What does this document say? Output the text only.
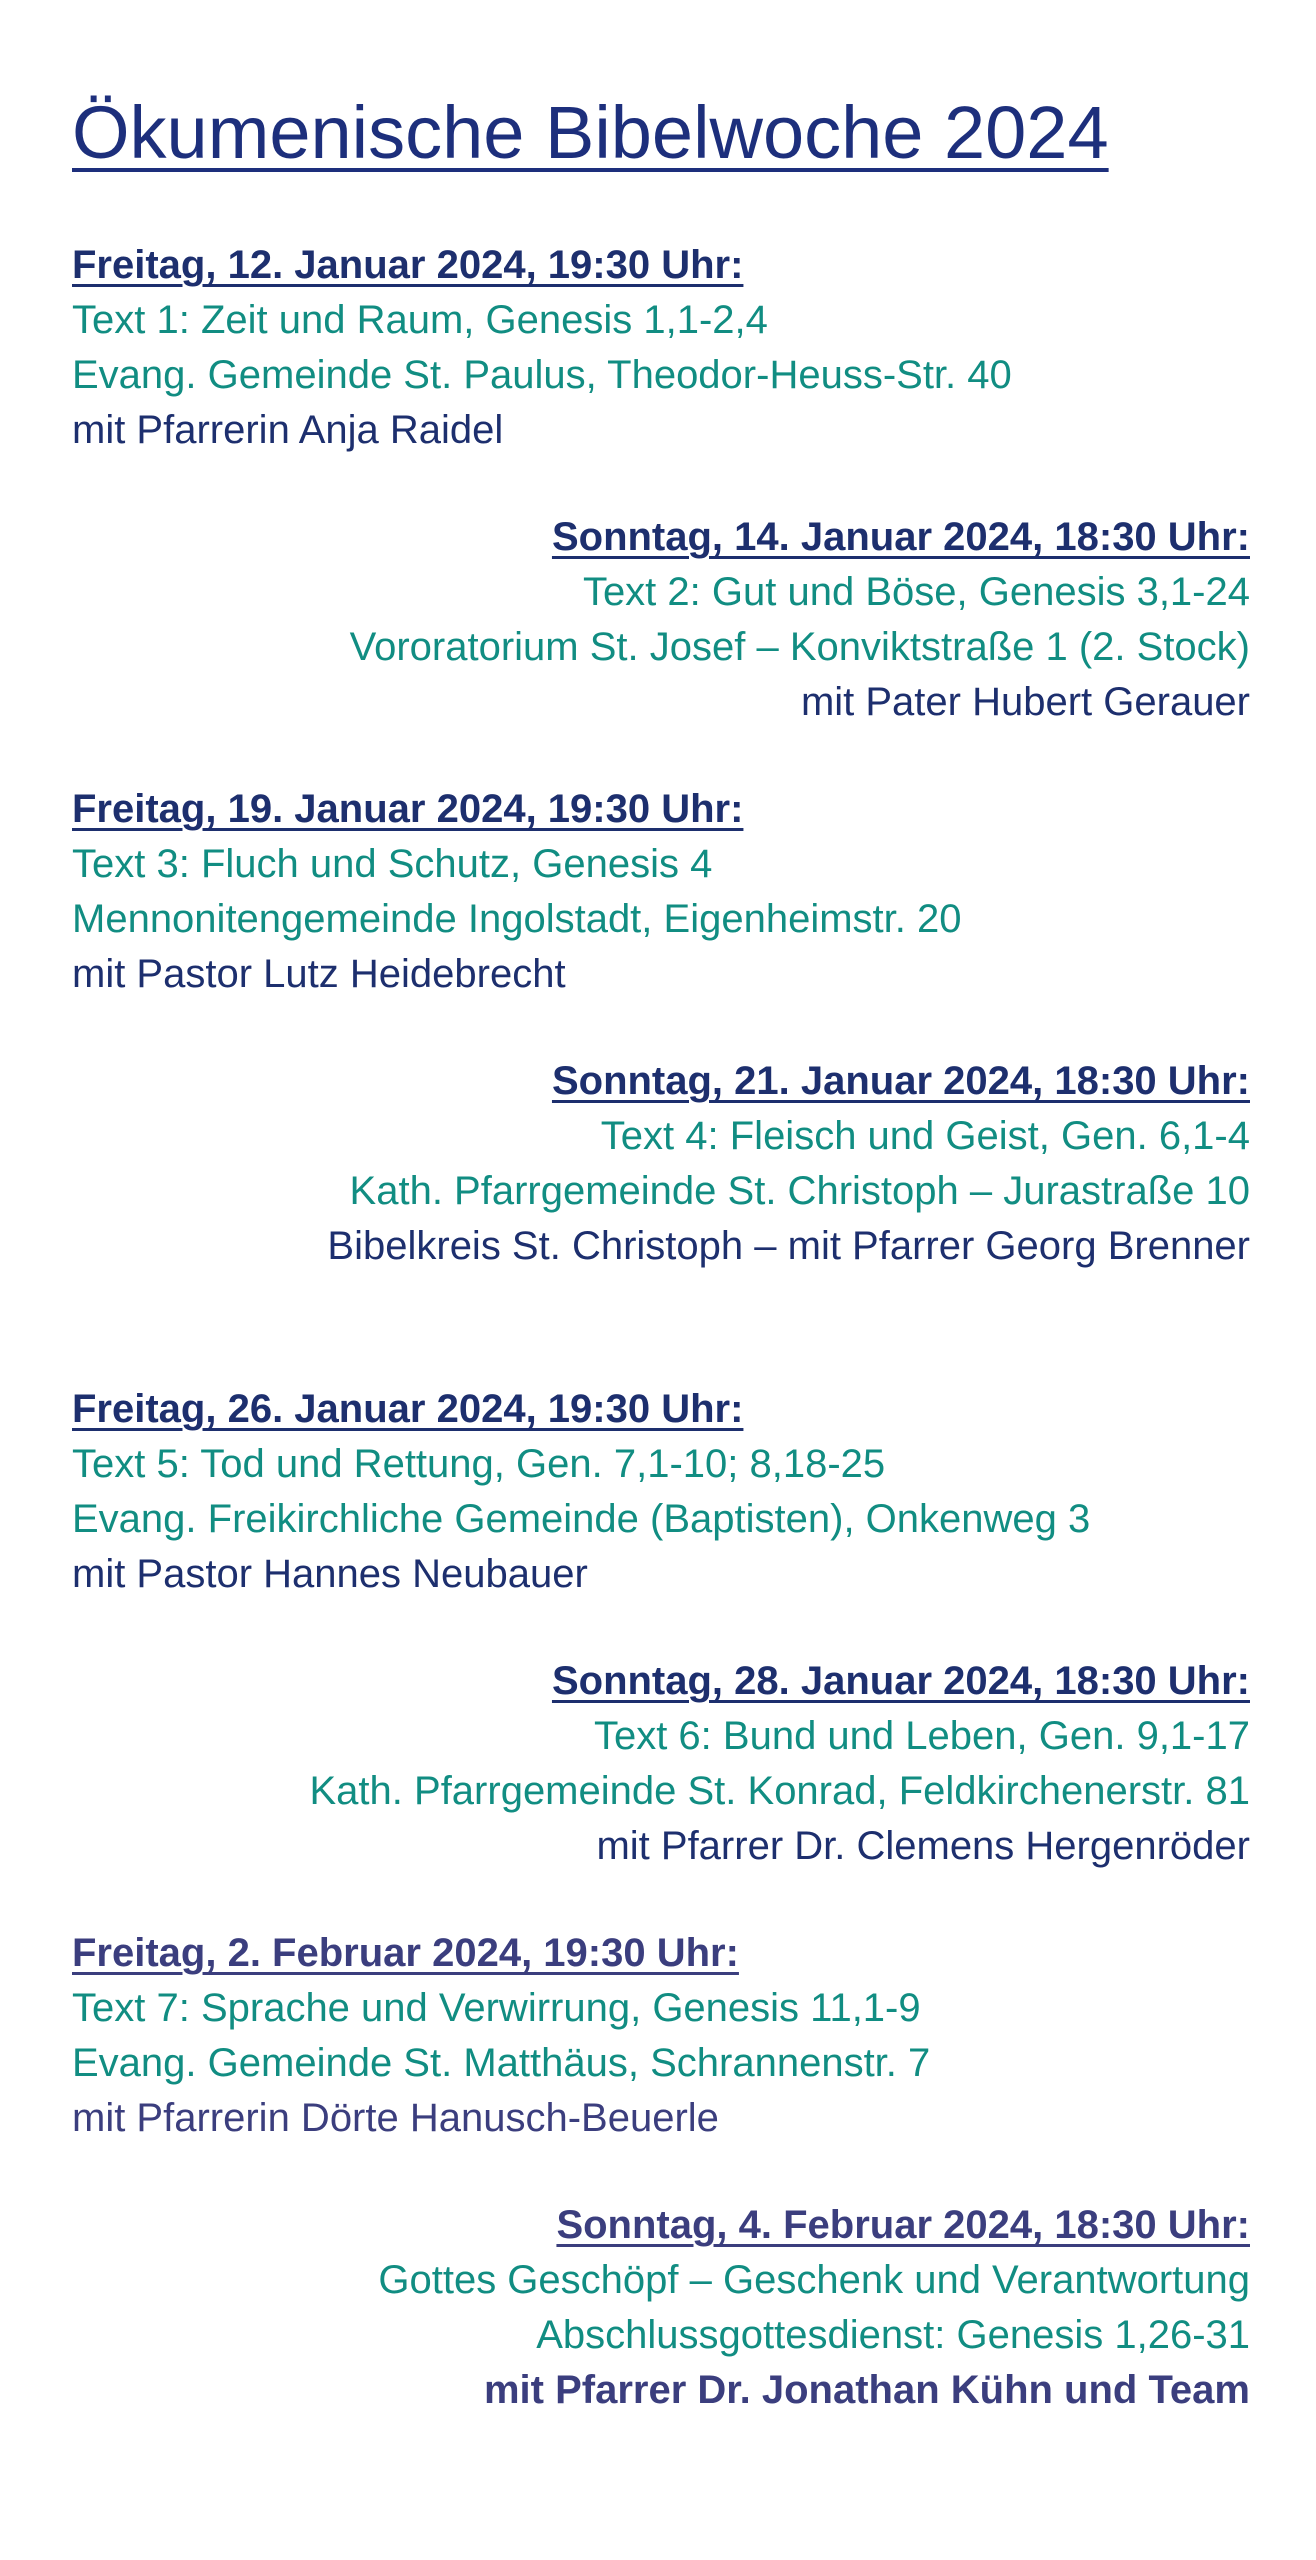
Ökumenische Bibelwoche 2024
Freitag, 12. Januar 2024, 19:30 Uhr:
Text 1: Zeit und Raum, Genesis 1,1-2,4
Evang. Gemeinde St. Paulus, Theodor-Heuss-Str. 40
mit Pfarrerin Anja Raidel
Sonntag, 14. Januar 2024, 18:30 Uhr:
Text 2: Gut und Böse, Genesis 3,1-24
Vororatorium St. Josef – Konviktstraße 1 (2. Stock)
mit Pater Hubert Gerauer
Freitag, 19. Januar 2024, 19:30 Uhr:
Text 3: Fluch und Schutz, Genesis 4
Mennonitengemeinde Ingolstadt, Eigenheimstr. 20
mit Pastor Lutz Heidebrecht
Sonntag, 21. Januar 2024, 18:30 Uhr:
Text 4: Fleisch und Geist, Gen. 6,1-4
Kath. Pfarrgemeinde St. Christoph – Jurastraße 10
Bibelkreis St. Christoph – mit Pfarrer Georg Brenner
Freitag, 26. Januar 2024, 19:30 Uhr:
Text 5: Tod und Rettung, Gen. 7,1-10; 8,18-25
Evang. Freikirchliche Gemeinde (Baptisten), Onkenweg 3
mit Pastor Hannes Neubauer
Sonntag, 28. Januar 2024, 18:30 Uhr:
Text 6: Bund und Leben, Gen. 9,1-17
Kath. Pfarrgemeinde St. Konrad, Feldkirchenerstr. 81
mit Pfarrer Dr. Clemens Hergenröder
Freitag, 2. Februar 2024, 19:30 Uhr:
Text 7: Sprache und Verwirrung, Genesis 11,1-9
Evang. Gemeinde St. Matthäus, Schrannenstr. 7
mit Pfarrerin Dörte Hanusch-Beuerle
Sonntag, 4. Februar 2024, 18:30 Uhr:
Gottes Geschöpf – Geschenk und Verantwortung
Abschlussgottesdienst: Genesis 1,26-31
mit Pfarrer Dr. Jonathan Kühn und Team
